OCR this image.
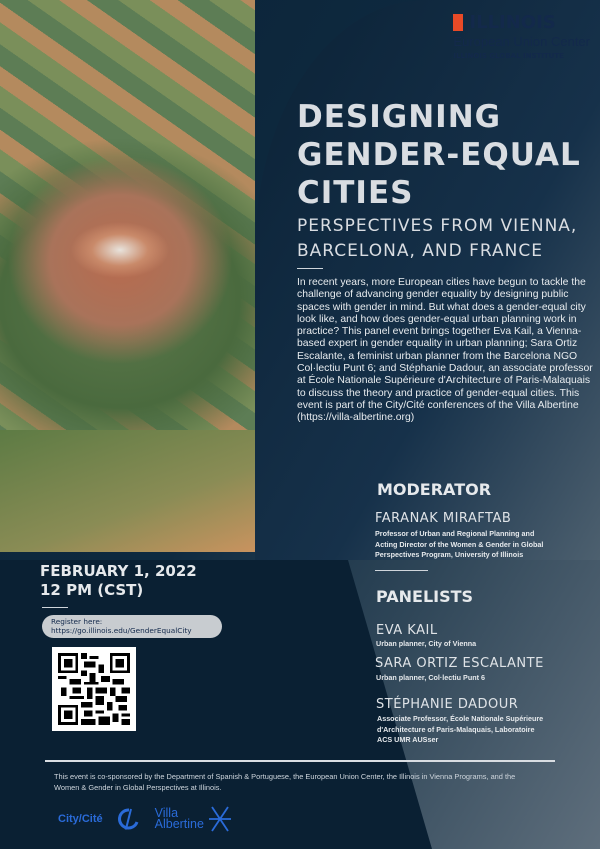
ILLINOIS
European Union Center
ILLINOIS GLOBAL INSTITUTE
DESIGNING
GENDER-EQUAL
CITIES
PERSPECTIVES FROM VIENNA,
BARCELONA, AND FRANCE
In recent years, more European cities have begun to tackle the challenge of advancing gender equality by designing public spaces with gender in mind. But what does a gender-equal city look like, and how does gender-equal urban planning work in practice? This panel event brings together Eva Kail, a Vienna-based expert in gender equality in urban planning; Sara Ortiz Escalante, a feminist urban planner from the Barcelona NGO Col·lectiu Punt 6; and Stéphanie Dadour, an associate professor at École Nationale Supérieure d'Architecture of Paris-Malaquais to discuss the theory and practice of gender-equal cities. This event is part of the City/Cité conferences of the Villa Albertine (https://villa-albertine.org)
MODERATOR
FARANAK MIRAFTAB
Professor of Urban and Regional Planning and
Acting Director of the Women & Gender in Global
Perspectives Program, University of Illinois
PANELISTS
EVA KAIL
Urban planner, City of Vienna
SARA ORTIZ ESCALANTE
Urban planner, Col·lectiu Punt 6
STÉPHANIE DADOUR
Associate Professor, École Nationale Supérieure
d'Architecture of Paris-Malaquais, Laboratoire
ACS UMR AUSser
FEBRUARY 1, 2022
12 PM (CST)
Register here:
https://go.illinois.edu/GenderEqualCity
This event is co-sponsored by the Department of Spanish & Portuguese, the European Union Center, the Illinois in Vienna Programs, and the Women & Gender in Global Perspectives at Illinois.
City/Cité	Villa
Albertine
